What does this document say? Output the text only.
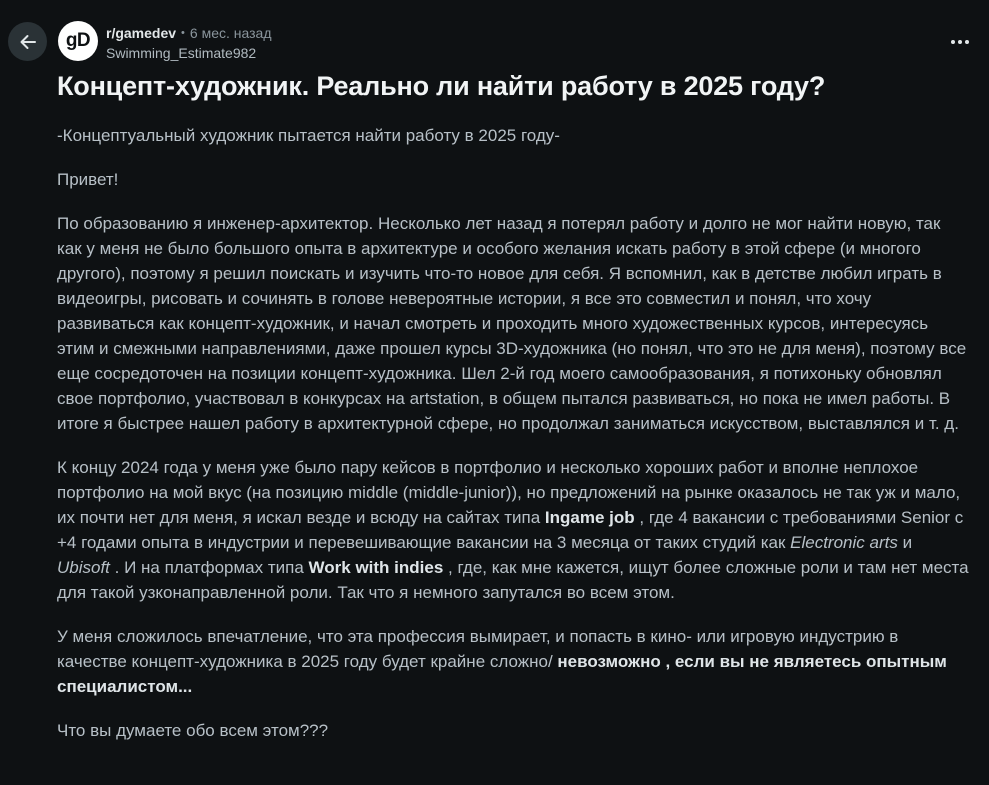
gD	r/gamedev • 6 мес. назад
Swimming_Estimate982
Концепт-художник. Реально ли найти работу в 2025 году?

-Концептуальный художник пытается найти работу в 2025 году-

Привет!

По образованию я инженер-архитектор. Несколько лет назад я потерял работу и долго не мог найти новую, так как у меня не было большого опыта в архитектуре и особого желания искать работу в этой сфере (и многого другого), поэтому я решил поискать и изучить что-то новое для себя. Я вспомнил, как в детстве любил играть в видеоигры, рисовать и сочинять в голове невероятные истории, я все это совместил и понял, что хочу развиваться как концепт-художник, и начал смотреть и проходить много художественных курсов, интересуясь этим и смежными направлениями, даже прошел курсы 3D-художника (но понял, что это не для меня), поэтому все еще сосредоточен на позиции концепт-художника. Шел 2-й год моего самообразования, я потихоньку обновлял свое портфолио, участвовал в конкурсах на artstation, в общем пытался развиваться, но пока не имел работы. В итоге я быстрее нашел работу в архитектурной сфере, но продолжал заниматься искусством, выставлялся и т. д.

К концу 2024 года у меня уже было пару кейсов в портфолио и несколько хороших работ и вполне неплохое портфолио на мой вкус (на позицию middle (middle-junior)), но предложений на рынке оказалось не так уж и мало, их почти нет для меня, я искал везде и всюду на сайтах типа Ingame job , где 4 вакансии с требованиями Senior с +4 годами опыта в индустрии и перевешивающие вакансии на 3 месяца от таких студий как Electronic arts и Ubisoft . И на платформах типа Work with indies , где, как мне кажется, ищут более сложные роли и там нет места для такой узконаправленной роли. Так что я немного запутался во всем этом.

У меня сложилось впечатление, что эта профессия вымирает, и попасть в кино- или игровую индустрию в качестве концепт-художника в 2025 году будет крайне сложно/ невозможно , если вы не являетесь опытным специалистом...

Что вы думаете обо всем этом???
